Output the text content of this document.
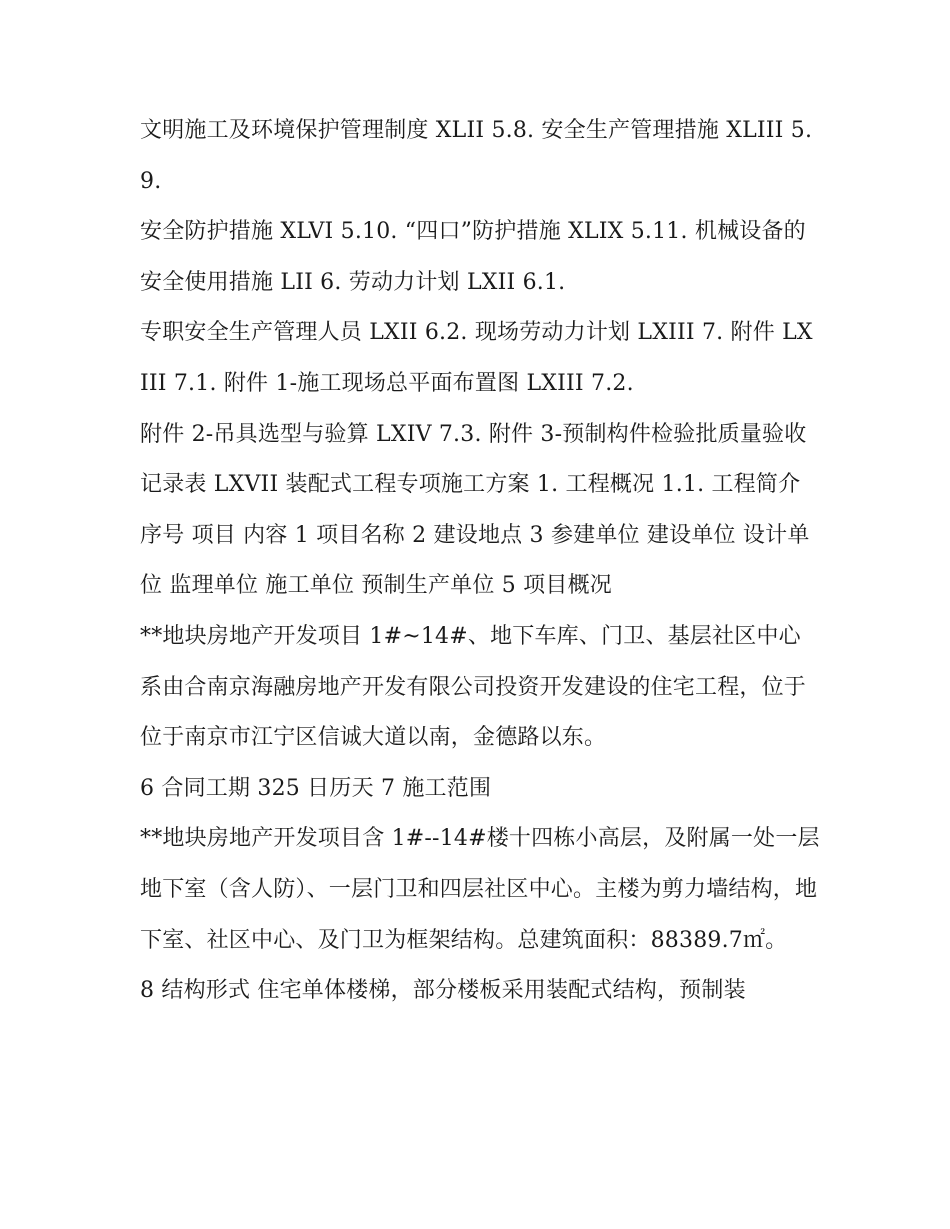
文明施工及环境保护管理制度 XLII 5.8. 安全生产管理措施 XLIII 5.9.

安全防护措施 XLVI 5.10. “四口”防护措施 XLIX 5.11. 机械设备的安全使用措施 LII 6. 劳动力计划 LXII 6.1.

专职安全生产管理人员 LXII 6.2. 现场劳动力计划 LXIII 7. 附件 LXIII 7.1. 附件 1-施工现场总平面布置图 LXIII 7.2.

附件 2-吊具选型与验算 LXIV 7.3. 附件 3-预制构件检验批质量验收记录表 LXVII 装配式工程专项施工方案 1. 工程概况 1.1. 工程简介

序号 项目 内容 1 项目名称 2 建设地点 3 参建单位 建设单位 设计单位 监理单位 施工单位 预制生产单位 5 项目概况

**地块房地产开发项目 1#~14#、地下车库、门卫、基层社区中心系由合南京海融房地产开发有限公司投资开发建设的住宅工程，位于位于南京市江宁区信诚大道以南，金德路以东。

6 合同工期 325 日历天 7 施工范围

**地块房地产开发项目含 1#--14#楼十四栋小高层，及附属一处一层地下室（含人防）、一层门卫和四层社区中心。主楼为剪力墙结构，地下室、社区中心、及门卫为框架结构。总建筑面积：88389.7㎡。

8 结构形式 住宅单体楼梯，部分楼板采用装配式结构，预制装
